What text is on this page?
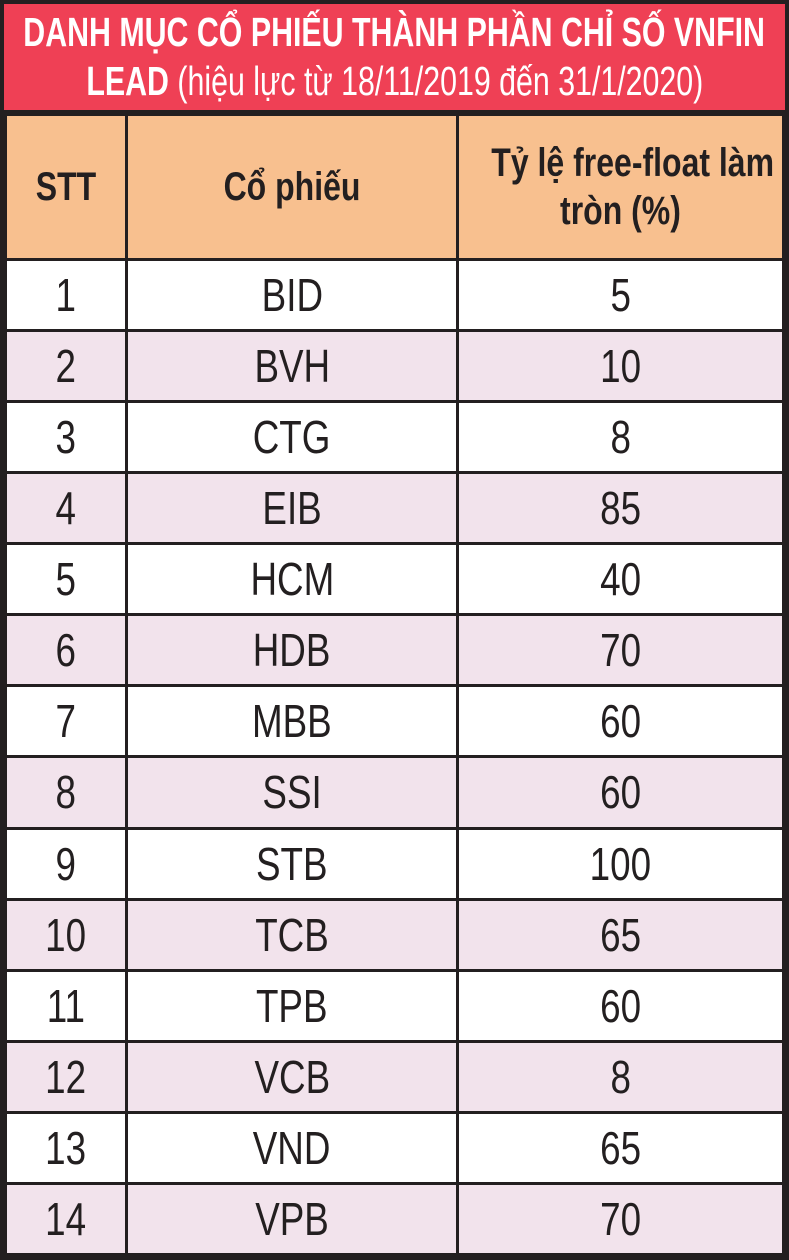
DANH MỤC CỔ PHIẾU THÀNH PHẦN CHỈ SỐ VNFIN
LEAD (hiệu lực từ 18/11/2019 đến 31/1/2020)
STT	Cổ phiếu	Tỷ lệ free-float làm
tròn (%)

1	BID	5
2	BVH	10
3	CTG	8
4	EIB	85
5	HCM	40
6	HDB	70
7	MBB	60
8	SSI	60
9	STB	100
10	TCB	65
11	TPB	60
12	VCB	8
13	VND	65
14	VPB	70
